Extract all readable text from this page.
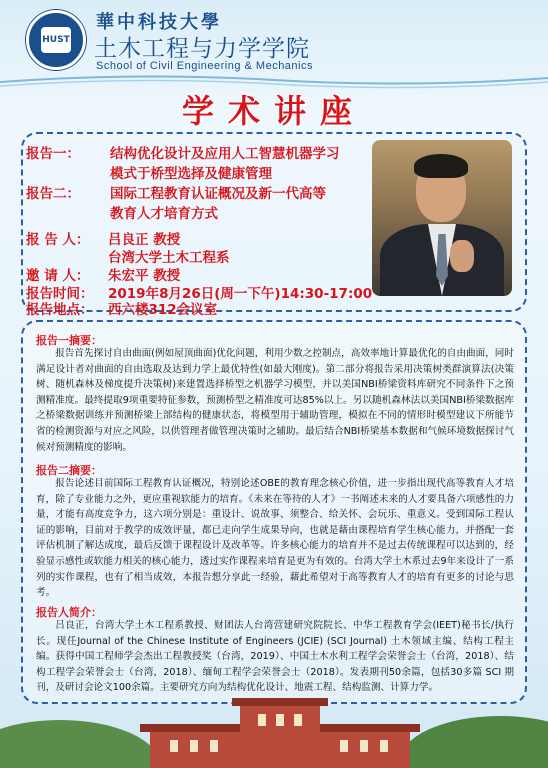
HUST
華中科技大學
土木工程与力学学院
School of Civil Engineering & Mechanics
学术讲座
报告一： 结构优化设计及应用人工智慧机器学习
模式于桥型选择及健康管理
报告二： 国际工程教育认证概况及新一代高等
教育人才培育方式
报 告 人： 吕良正 教授
台湾大学土木工程系
邀 请 人： 朱宏平 教授
报告时间： 2019年8月26日(周一下午)14:30-17:00
报告地点： 西六楼312会议室
报告一摘要：
报告首先探讨自由曲面(例如屋顶曲面)优化问题，利用少数之控制点，高效率地计算最优化的自由曲面，同时满足设计者对曲面的自由选取及达到力学上最优特性(如最大刚度)。第二部分将报告采用决策树类群演算法(决策树、随机森林及梯度提升决策树)来建置选择桥型之机器学习模型，并以美国NBI桥梁资料库研究不同条件下之预测精准度。最终提取9项重要特征参数，预测桥型之精准度可达85%以上。另以随机森林法以美国NBI桥梁数据库之桥梁数据训练并预测桥梁上部结构的健康状态，将模型用于辅助管理，模拟在不同的情形时模型建议下所能节省的检测资源与对应之风险，以供管理者做管理决策时之辅助。最后结合NBI桥梁基本数据和气候环境数据探讨气候对预测精度的影响。
报告二摘要：
报告论述目前国际工程教育认证概况，特别论述OBE的教育理念核心价值，进一步指出现代高等教育人才培育，除了专业能力之外，更应重视软能力的培育。《未来在等待的人才》一书阐述未来的人才要具备六项感性的力量，才能有高度竞争力，这六项分别是：重设计、说故事、须整合、给关怀、会玩乐、重意义。受到国际工程认证的影响，目前对于教学的成效评量，都已走向学生成果导向，也就是藉由课程培育学生核心能力，并搭配一套评估机制了解达成度，最后反馈于课程设计及改革等。许多核心能力的培育并不是过去传统课程可以达到的，经验显示感性或软能力相关的核心能力，透过实作课程来培育是更为有效的。台湾大学土木系过去9年来设计了一系列的实作课程，也有了相当成效，本报告想分享此一经验，藉此希望对于高等教育人才的培育有更多的讨论与思考。
报告人简介：
吕良正，台湾大学土木工程系教授、财团法人台湾营建研究院院长、中华工程教育学会(IEET)秘书长/执行长。现任Journal of the Chinese Institute of Engineers (JCIE) (SCI Journal) 土木领域主编、结构工程主编。获得中国工程师学会杰出工程教授奖（台湾，2019）、中国土木水利工程学会荣誉会士（台湾，2018）、结构工程学会荣誉会士（台湾，2018）、缅甸工程学会荣誉会士（2018）。发表期刊50余篇，包括30多篇 SCI 期刊，及研讨会论文100余篇。主要研究方向为结构优化设计、地震工程、结构监测、计算力学。
